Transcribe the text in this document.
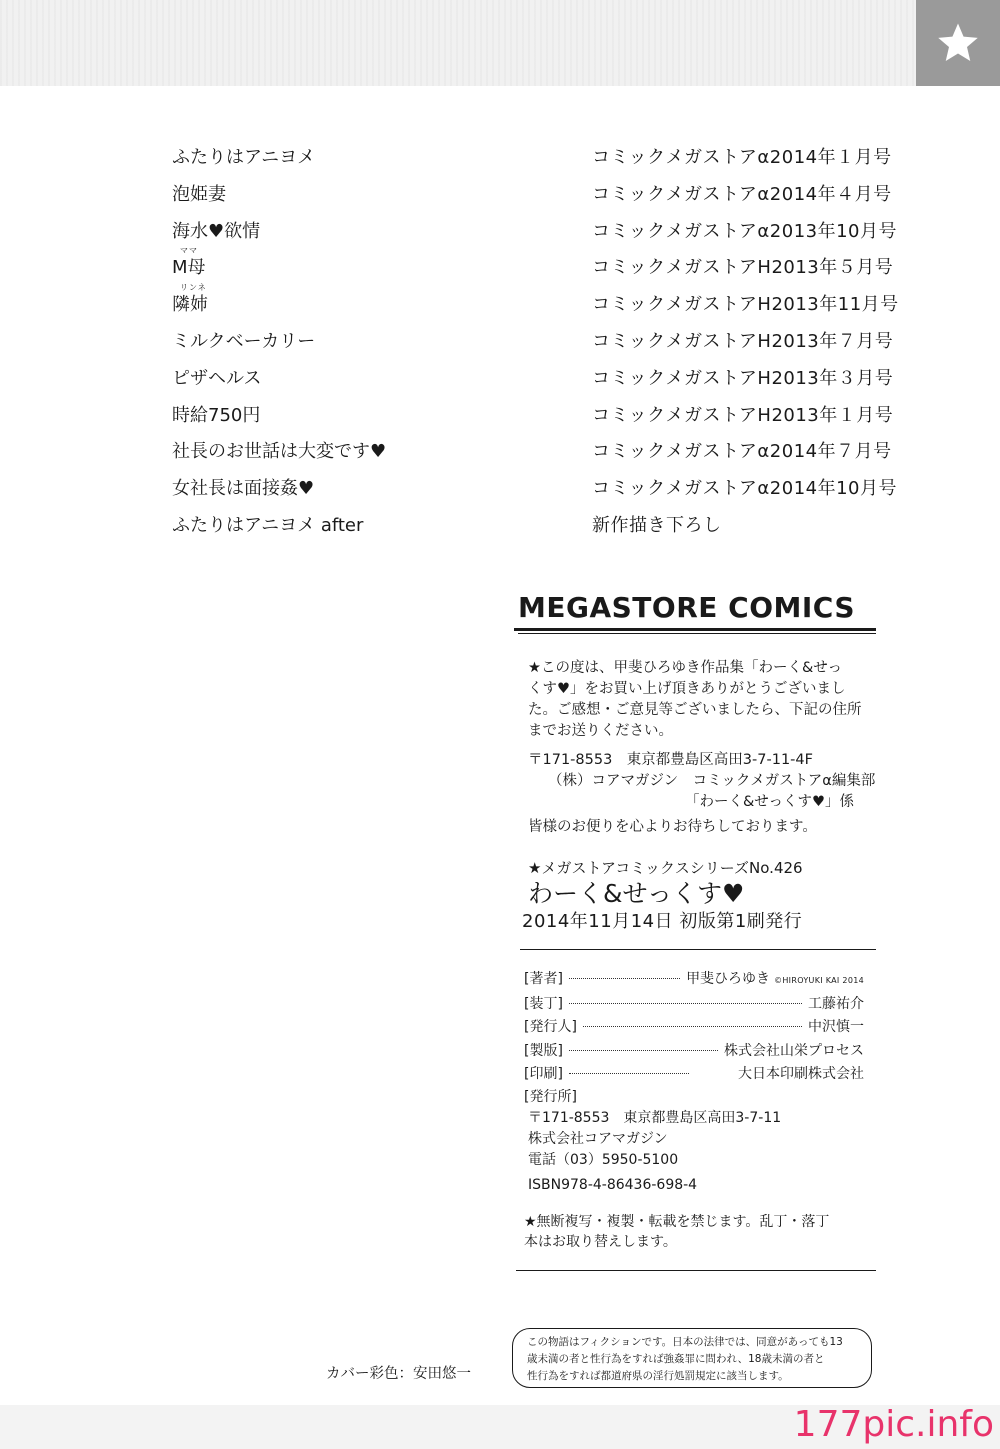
ふたりはアニヨメ	コミックメガストアα2014年１月号
泡姫妻	コミックメガストアα2014年４月号
海水♥欲情	コミックメガストアα2013年10月号
ママ
M母	コミックメガストアH2013年５月号
リンネ
隣姉	コミックメガストアH2013年11月号
ミルクベーカリー	コミックメガストアH2013年７月号
ピザヘルス	コミックメガストアH2013年３月号
時給750円	コミックメガストアH2013年１月号
社長のお世話は大変です♥	コミックメガストアα2014年７月号
女社長は面接姦♥	コミックメガストアα2014年10月号
ふたりはアニヨメ after	新作描き下ろし
MEGASTORE COMICS
★この度は、甲斐ひろゆき作品集「わーく&せっ
くす♥」をお買い上げ頂きありがとうございまし
た。ご感想・ご意見等ございましたら、下記の住所
までお送りください。
〒171-8553　東京都豊島区高田3-7-11-4F
（株）コアマガジン　コミックメガストアα編集部
「わーく&せっくす♥」係
皆様のお便りを心よりお待ちしております。
★メガストアコミックスシリーズNo.426
わーく&せっくす♥
2014年11月14日 初版第1刷発行
[著者]	甲斐ひろゆき ©HIROYUKI KAI 2014
[装丁]	工藤祐介
[発行人]	中沢慎一
[製版]	株式会社山栄プロセス
[印刷]	大日本印刷株式会社
[発行所]
〒171-8553　東京都豊島区高田3-7-11
株式会社コアマガジン
電話（03）5950-5100
ISBN978-4-86436-698-4
★無断複写・複製・転載を禁じます。乱丁・落丁
本はお取り替えします。
この物語はフィクションです。日本の法律では、同意があっても13
歳未満の者と性行為をすれば強姦罪に問われ、18歳未満の者と
性行為をすれば都道府県の淫行処罰規定に該当します。
カバー彩色：安田悠一
177pic.info
